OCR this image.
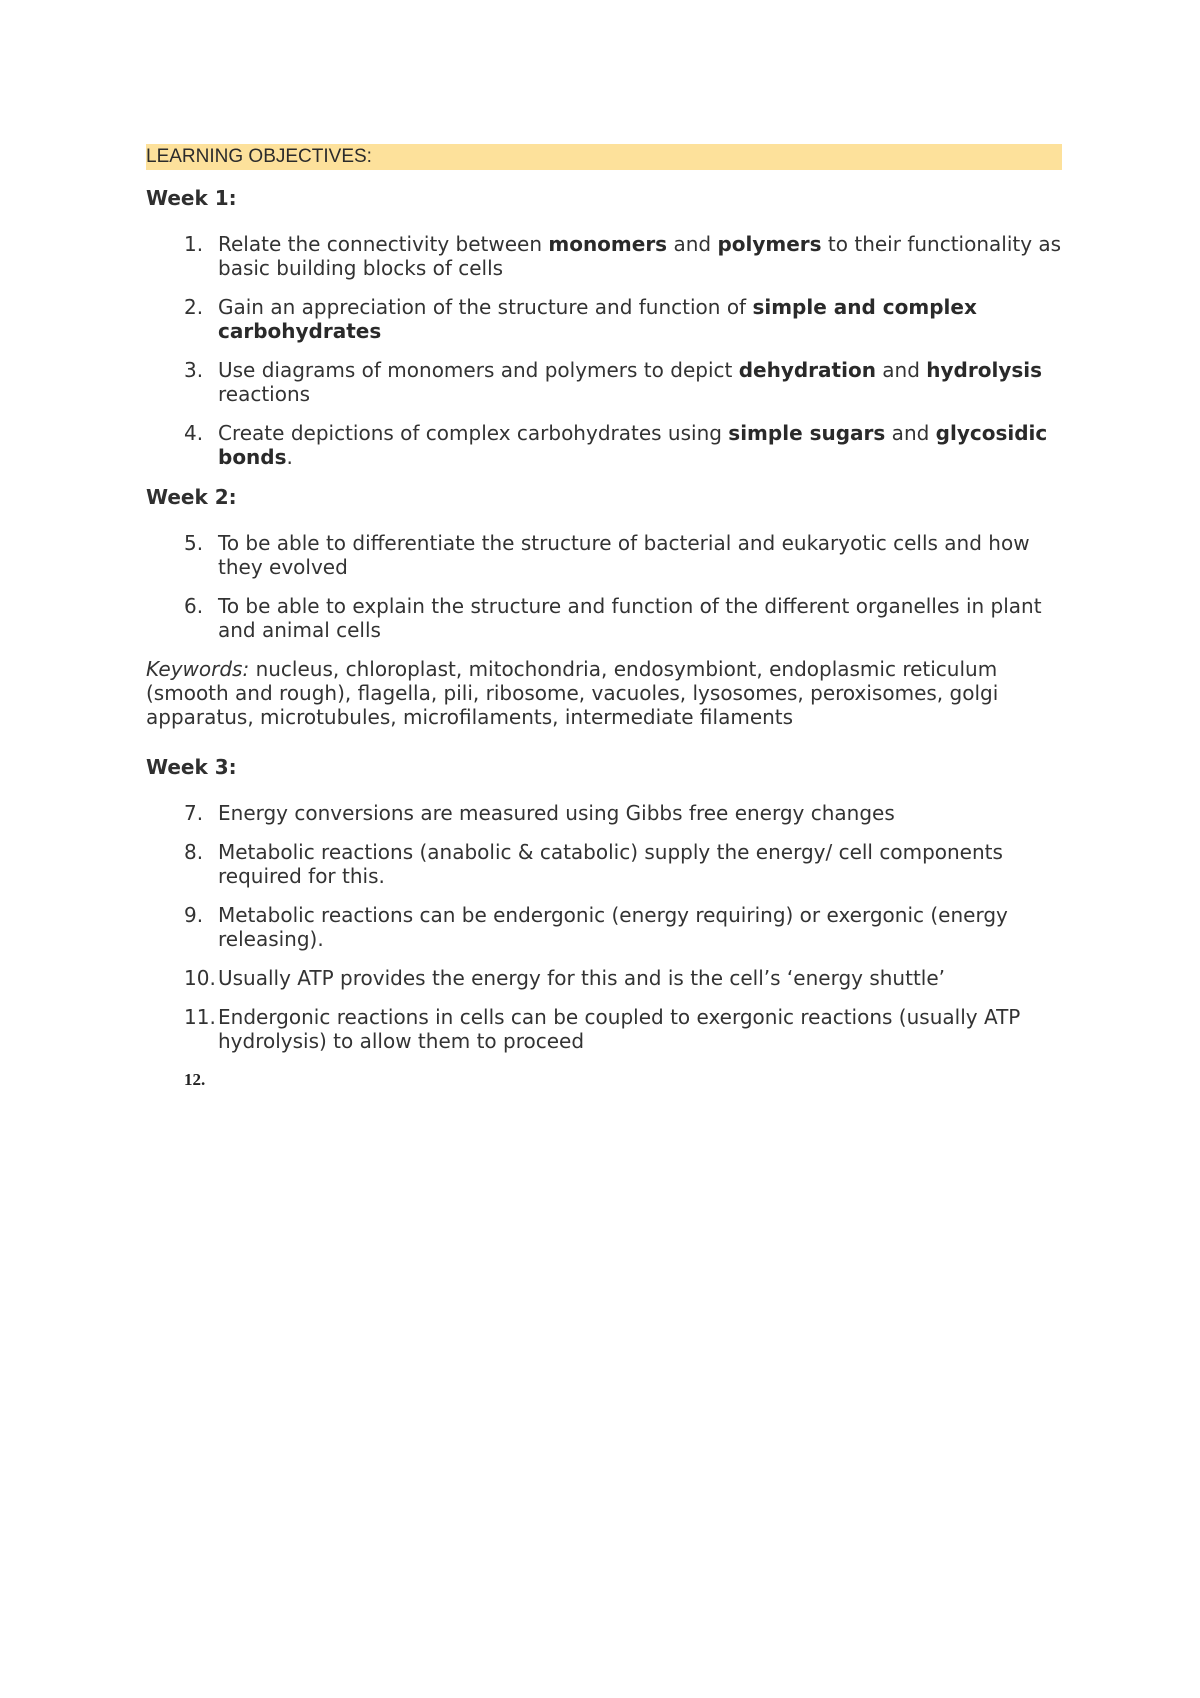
LEARNING OBJECTIVES:
Week 1:
1. Relate the connectivity between monomers and polymers to their functionality as basic building blocks of cells
2. Gain an appreciation of the structure and function of simple and complex carbohydrates
3. Use diagrams of monomers and polymers to depict dehydration and hydrolysis reactions
4. Create depictions of complex carbohydrates using simple sugars and glycosidic bonds.
Week 2:
5. To be able to differentiate the structure of bacterial and eukaryotic cells and how they evolved
6. To be able to explain the structure and function of the different organelles in plant and animal cells
Keywords: nucleus, chloroplast, mitochondria, endosymbiont, endoplasmic reticulum (smooth and rough), flagella, pili, ribosome, vacuoles, lysosomes, peroxisomes, golgi apparatus, microtubules, microfilaments, intermediate filaments
Week 3:
7. Energy conversions are measured using Gibbs free energy changes
8. Metabolic reactions (anabolic & catabolic) supply the energy/ cell components required for this.
9. Metabolic reactions can be endergonic (energy requiring) or exergonic (energy releasing).
10. Usually ATP provides the energy for this and is the cell’s ‘energy shuttle’
11. Endergonic reactions in cells can be coupled to exergonic reactions (usually ATP hydrolysis) to allow them to proceed
12.
